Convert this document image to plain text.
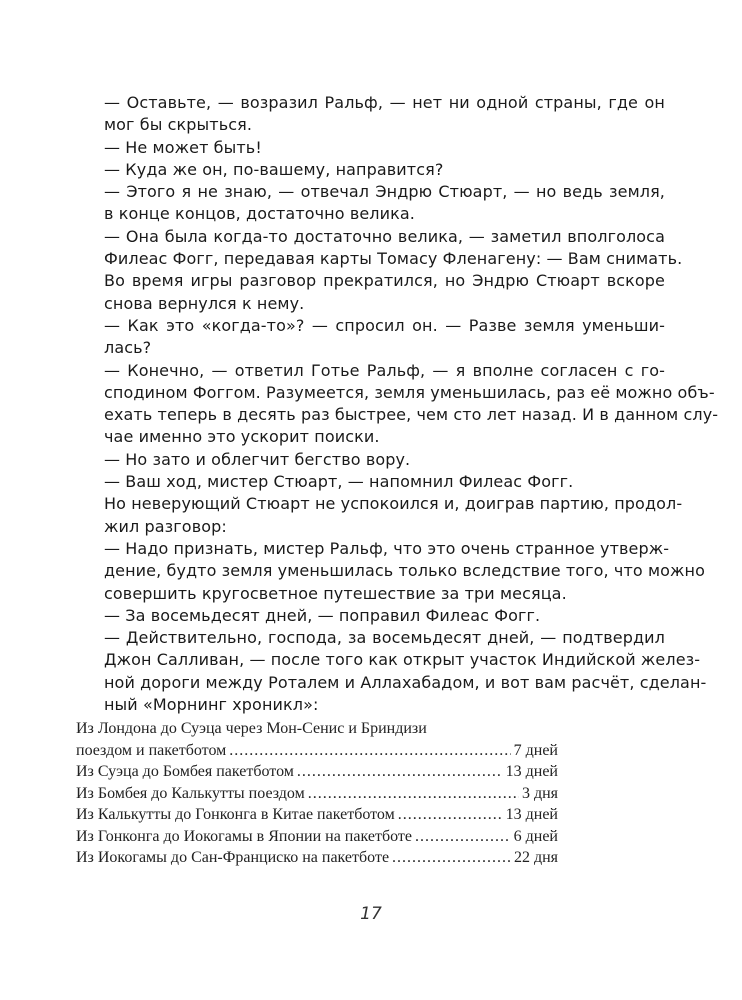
— Оставьте, — возразил Ральф, — нет ни одной страны, где он
мог бы скрыться.

— Не может быть!

— Куда же он, по-вашему, направится?

— Этого я не знаю, — отвечал Эндрю Стюарт, — но ведь земля,
в конце концов, достаточно велика.

— Она была когда-то достаточно велика, — заметил вполголоса
Филеас Фогг, передавая карты Томасу Фленагену: — Вам снимать.

Во время игры разговор прекратился, но Эндрю Стюарт вскоре
снова вернулся к нему.

— Как это «когда-то»? — спросил он. — Разве земля уменьши-
лась?

— Конечно, — ответил Готье Ральф, — я вполне согласен с го-
сподином Фоггом. Разумеется, земля уменьшилась, раз её можно объ-
ехать теперь в десять раз быстрее, чем сто лет назад. И в данном слу-
чае именно это ускорит поиски.

— Но зато и облегчит бегство вору.

— Ваш ход, мистер Стюарт, — напомнил Филеас Фогг.

Но неверующий Стюарт не успокоился и, доиграв партию, продол-
жил разговор:

— Надо признать, мистер Ральф, что это очень странное утверж-
дение, будто земля уменьшилась только вследствие того, что можно
совершить кругосветное путешествие за три месяца.

— За восемьдесят дней, — поправил Филеас Фогг.

— Действительно, господа, за восемьдесят дней, — подтвердил
Джон Салливан, — после того как открыт участок Индийской желез-
ной дороги между Роталем и Аллахабадом, и вот вам расчёт, сделан-
ный «Морнинг хроникл»:

Из Лондона до Суэца через Мон-Сенис и Бриндизи
поездом и пакетботом .....	7 дней
Из Суэца до Бомбея пакетботом .....	13 дней
Из Бомбея до Калькутты поездом .....	3 дня
Из Калькутты до Гонконга в Китае пакетботом .....	13 дней
Из Гонконга до Иокогамы в Японии на пакетботе .....	6 дней
Из Иокогамы до Сан-Франциско на пакетботе .....	22 дня
17
